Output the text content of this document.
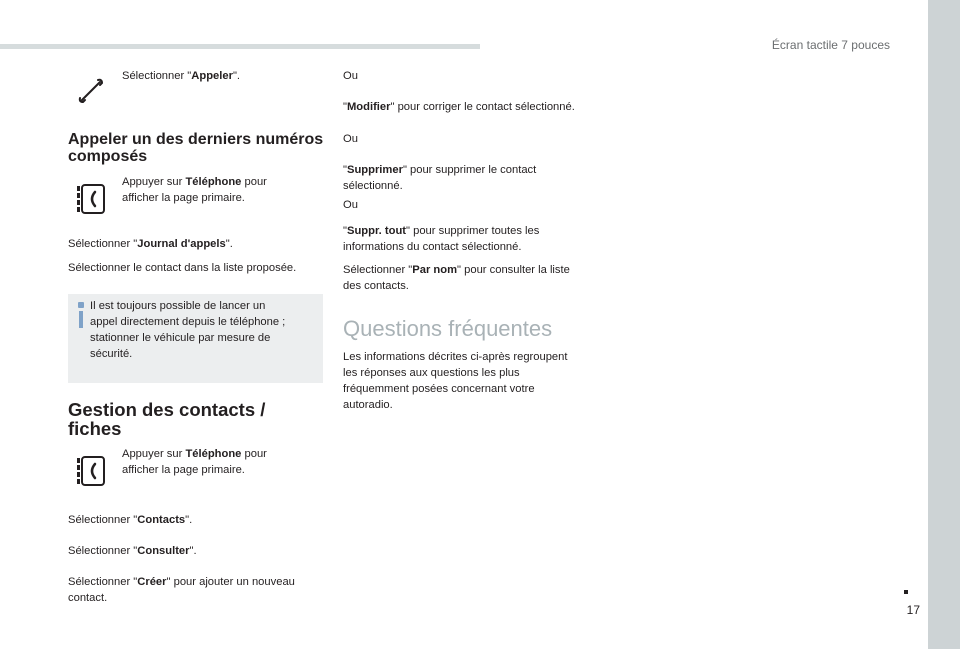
Écran tactile 7 pouces
17
Sélectionner "Appeler".
Appeler un des derniers numéros
composés
Appuyer sur Téléphone pour
afficher la page primaire.
Sélectionner "Journal d'appels".
Sélectionner le contact dans la liste proposée.
Il est toujours possible de lancer un
appel directement depuis le téléphone ;
stationner le véhicule par mesure de
sécurité.
Gestion des contacts /
fiches
Appuyer sur Téléphone pour
afficher la page primaire.
Sélectionner "Contacts".
Sélectionner "Consulter".
Sélectionner "Créer" pour ajouter un nouveau
contact.
Ou
"Modifier" pour corriger le contact sélectionné.
Ou
"Supprimer" pour supprimer le contact
sélectionné.
Ou
"Suppr. tout" pour supprimer toutes les
informations du contact sélectionné.
Sélectionner "Par nom" pour consulter la liste
des contacts.
Questions fréquentes
Les informations décrites ci-après regroupent
les réponses aux questions les plus
fréquemment posées concernant votre
autoradio.
